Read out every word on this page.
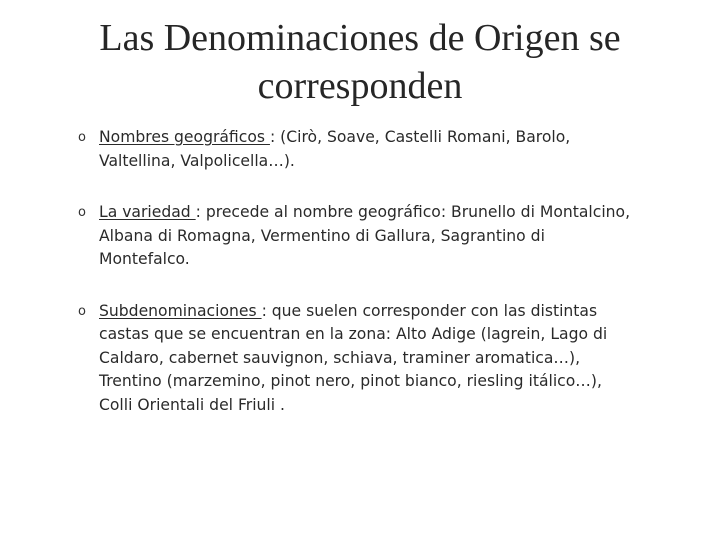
Las Denominaciones de Origen se corresponden
o Nombres geográficos : (Cirò, Soave, Castelli Romani, Barolo, Valtellina, Valpolicella…).
o La variedad : precede al nombre geográfico: Brunello di Montalcino, Albana di Romagna, Vermentino di Gallura, Sagrantino di Montefalco.
o Subdenominaciones : que suelen corresponder con las distintas castas que se encuentran en la zona: Alto Adige (lagrein, Lago di Caldaro, cabernet sauvignon, schiava, traminer aromatica…), Trentino (marzemino, pinot nero, pinot bianco, riesling itálico…), Colli Orientali del Friuli .
